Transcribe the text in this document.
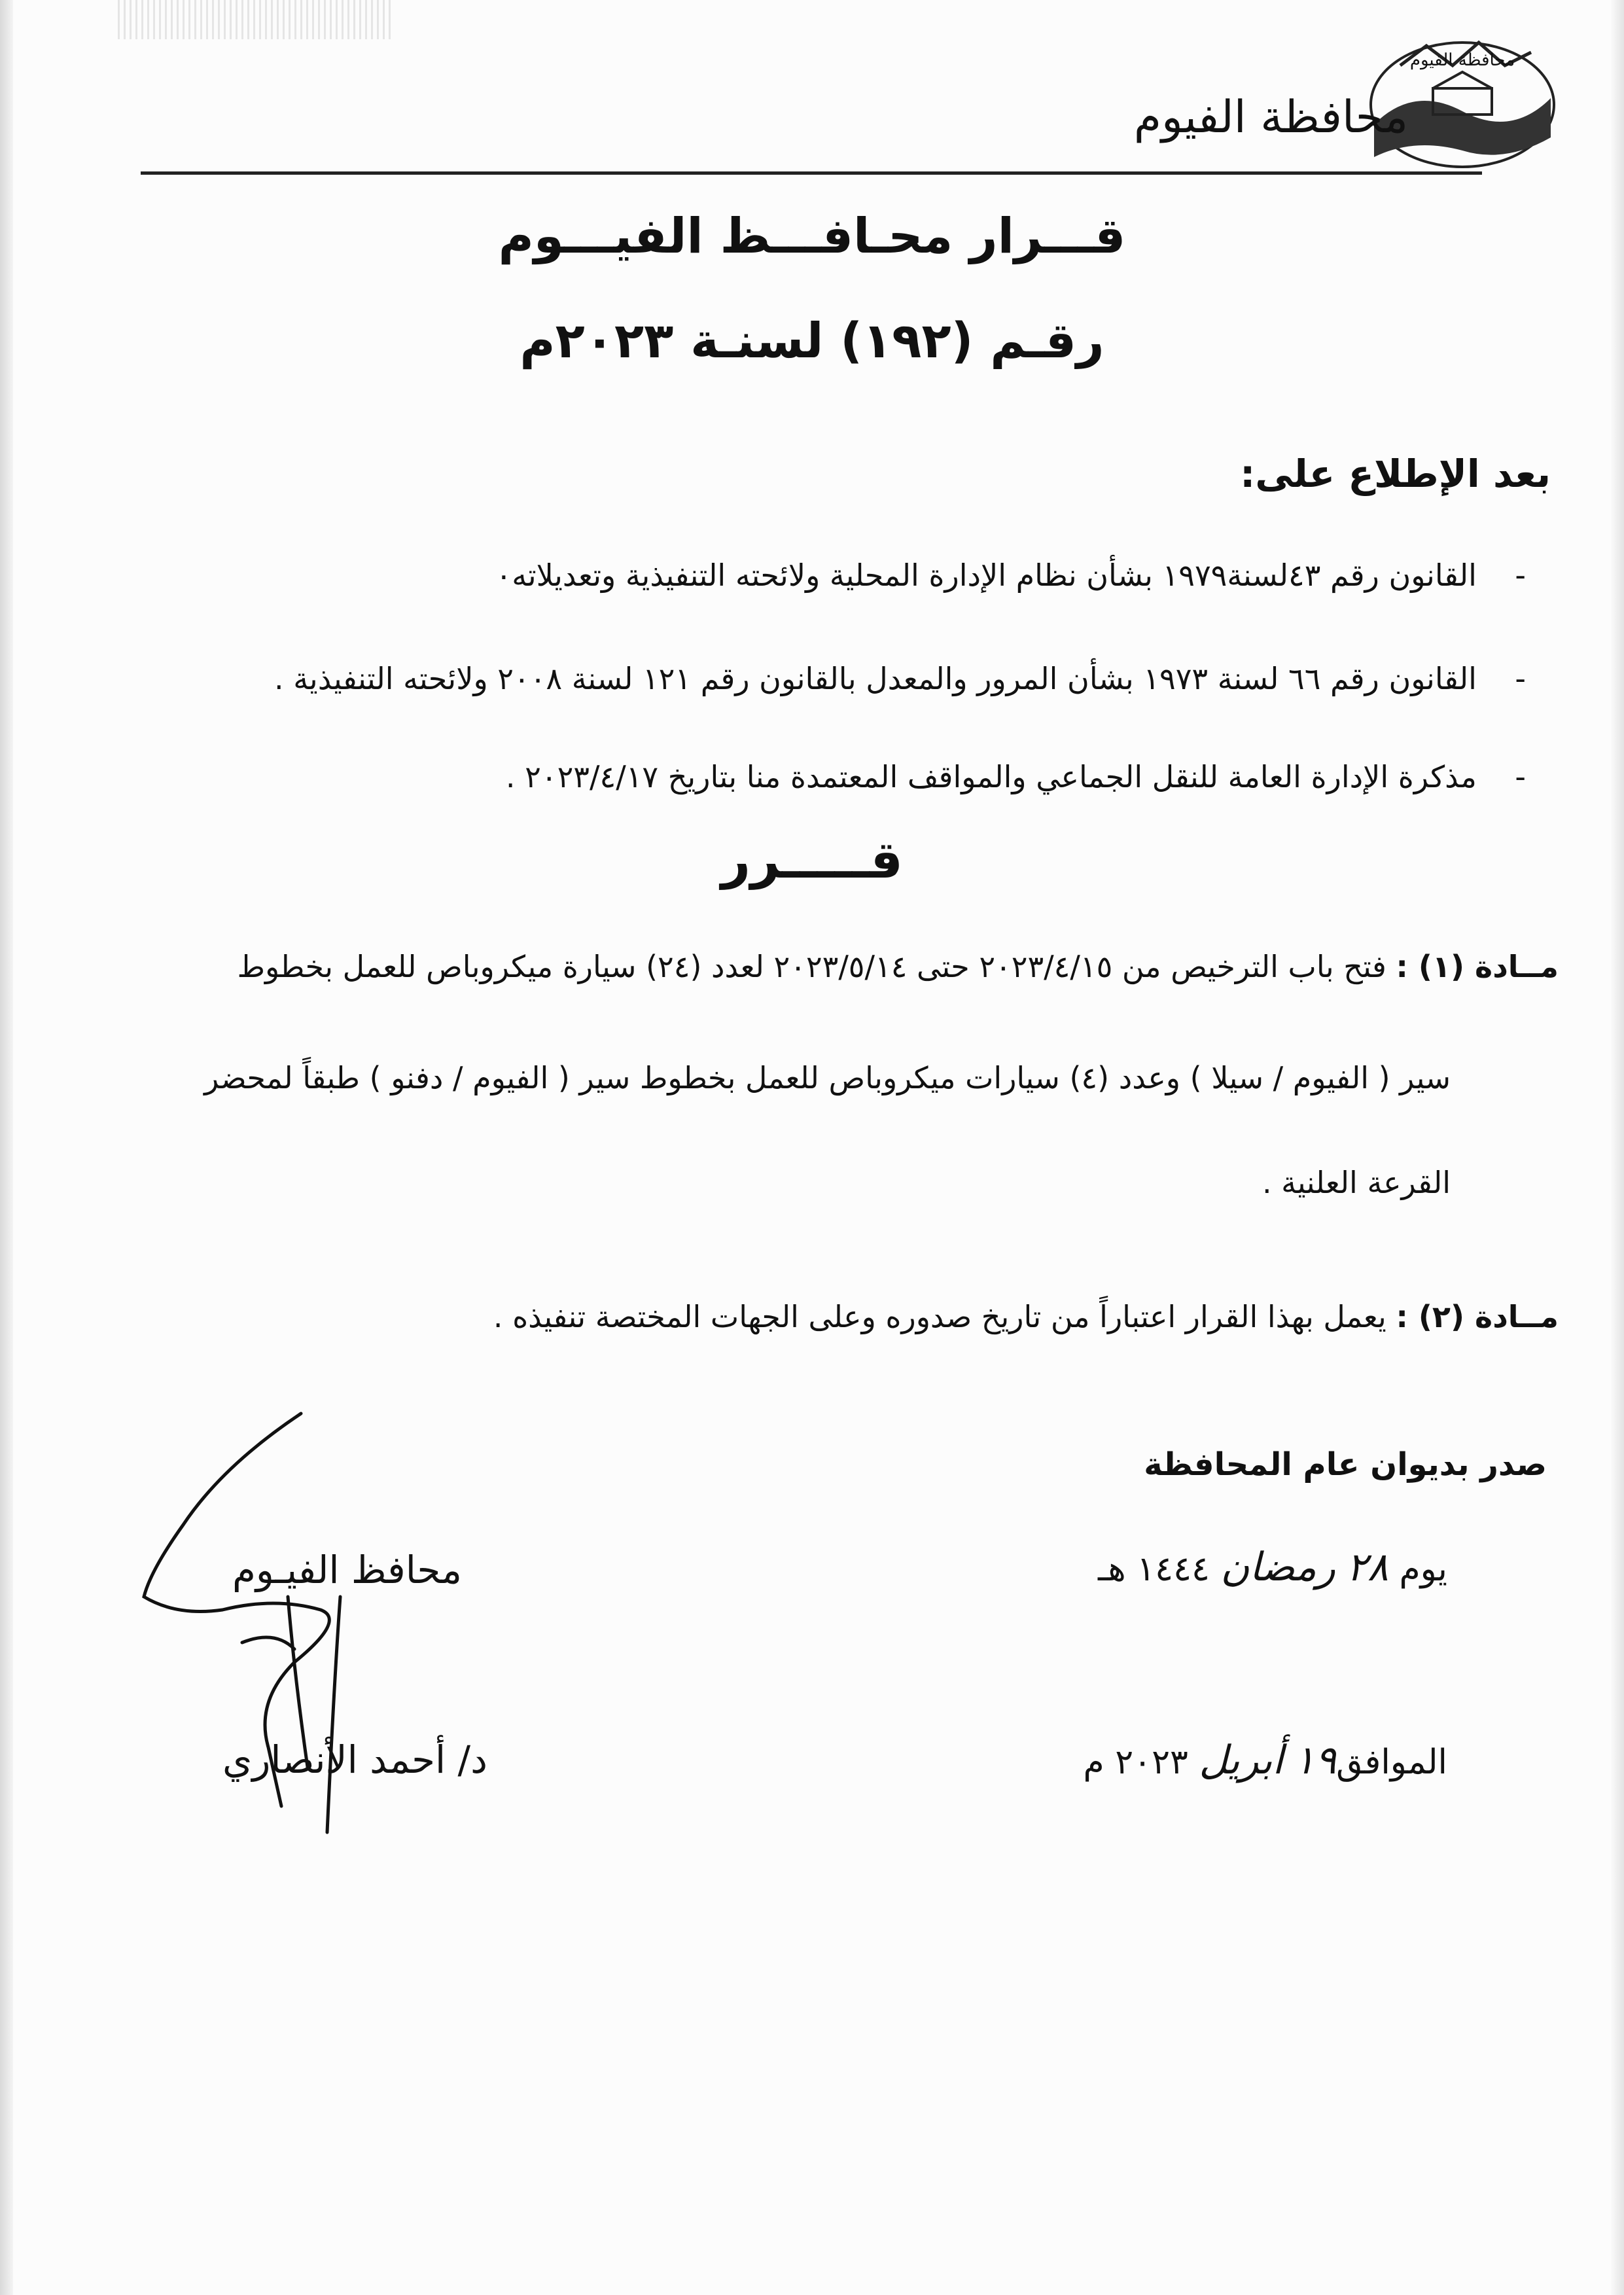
محافظة الفيوم
محافظة الفيوم
قـــرار محـافـــظ الفيـــوم
رقـم (١٩٢) لسنـة ٢٠٢٣م
بعد الإطلاع على:
-    القانون رقم ٤٣لسنة١٩٧٩ بشأن نظام الإدارة المحلية ولائحته التنفيذية وتعديلاته٠
-    القانون رقم ٦٦ لسنة ١٩٧٣ بشأن المرور والمعدل بالقانون رقم ١٢١ لسنة ٢٠٠٨ ولائحته التنفيذية .
-    مذكرة الإدارة العامة للنقل الجماعي والمواقف المعتمدة منا بتاريخ ٢٠٢٣/٤/١٧ .
قـــــرر
مــادة (١) : فتح باب الترخيص من ٢٠٢٣/٤/١٥ حتى ٢٠٢٣/٥/١٤ لعدد (٢٤) سيارة ميكروباص للعمل بخطوط
سير ( الفيوم / سيلا ) وعدد (٤) سيارات ميكروباص للعمل بخطوط سير ( الفيوم / دفنو ) طبقاً لمحضر
القرعة العلنية .
مــادة (٢) : يعمل بهذا القرار اعتباراً من تاريخ صدوره وعلى الجهات المختصة تنفيذه .
صدر بديوان عام المحافظة
يوم ٢٨ رمضان ١٤٤٤ هـ
الموافق١٩ أبريل ٢٠٢٣ م
محافظ الفيـوم
د/ أحمد الأنصاري
